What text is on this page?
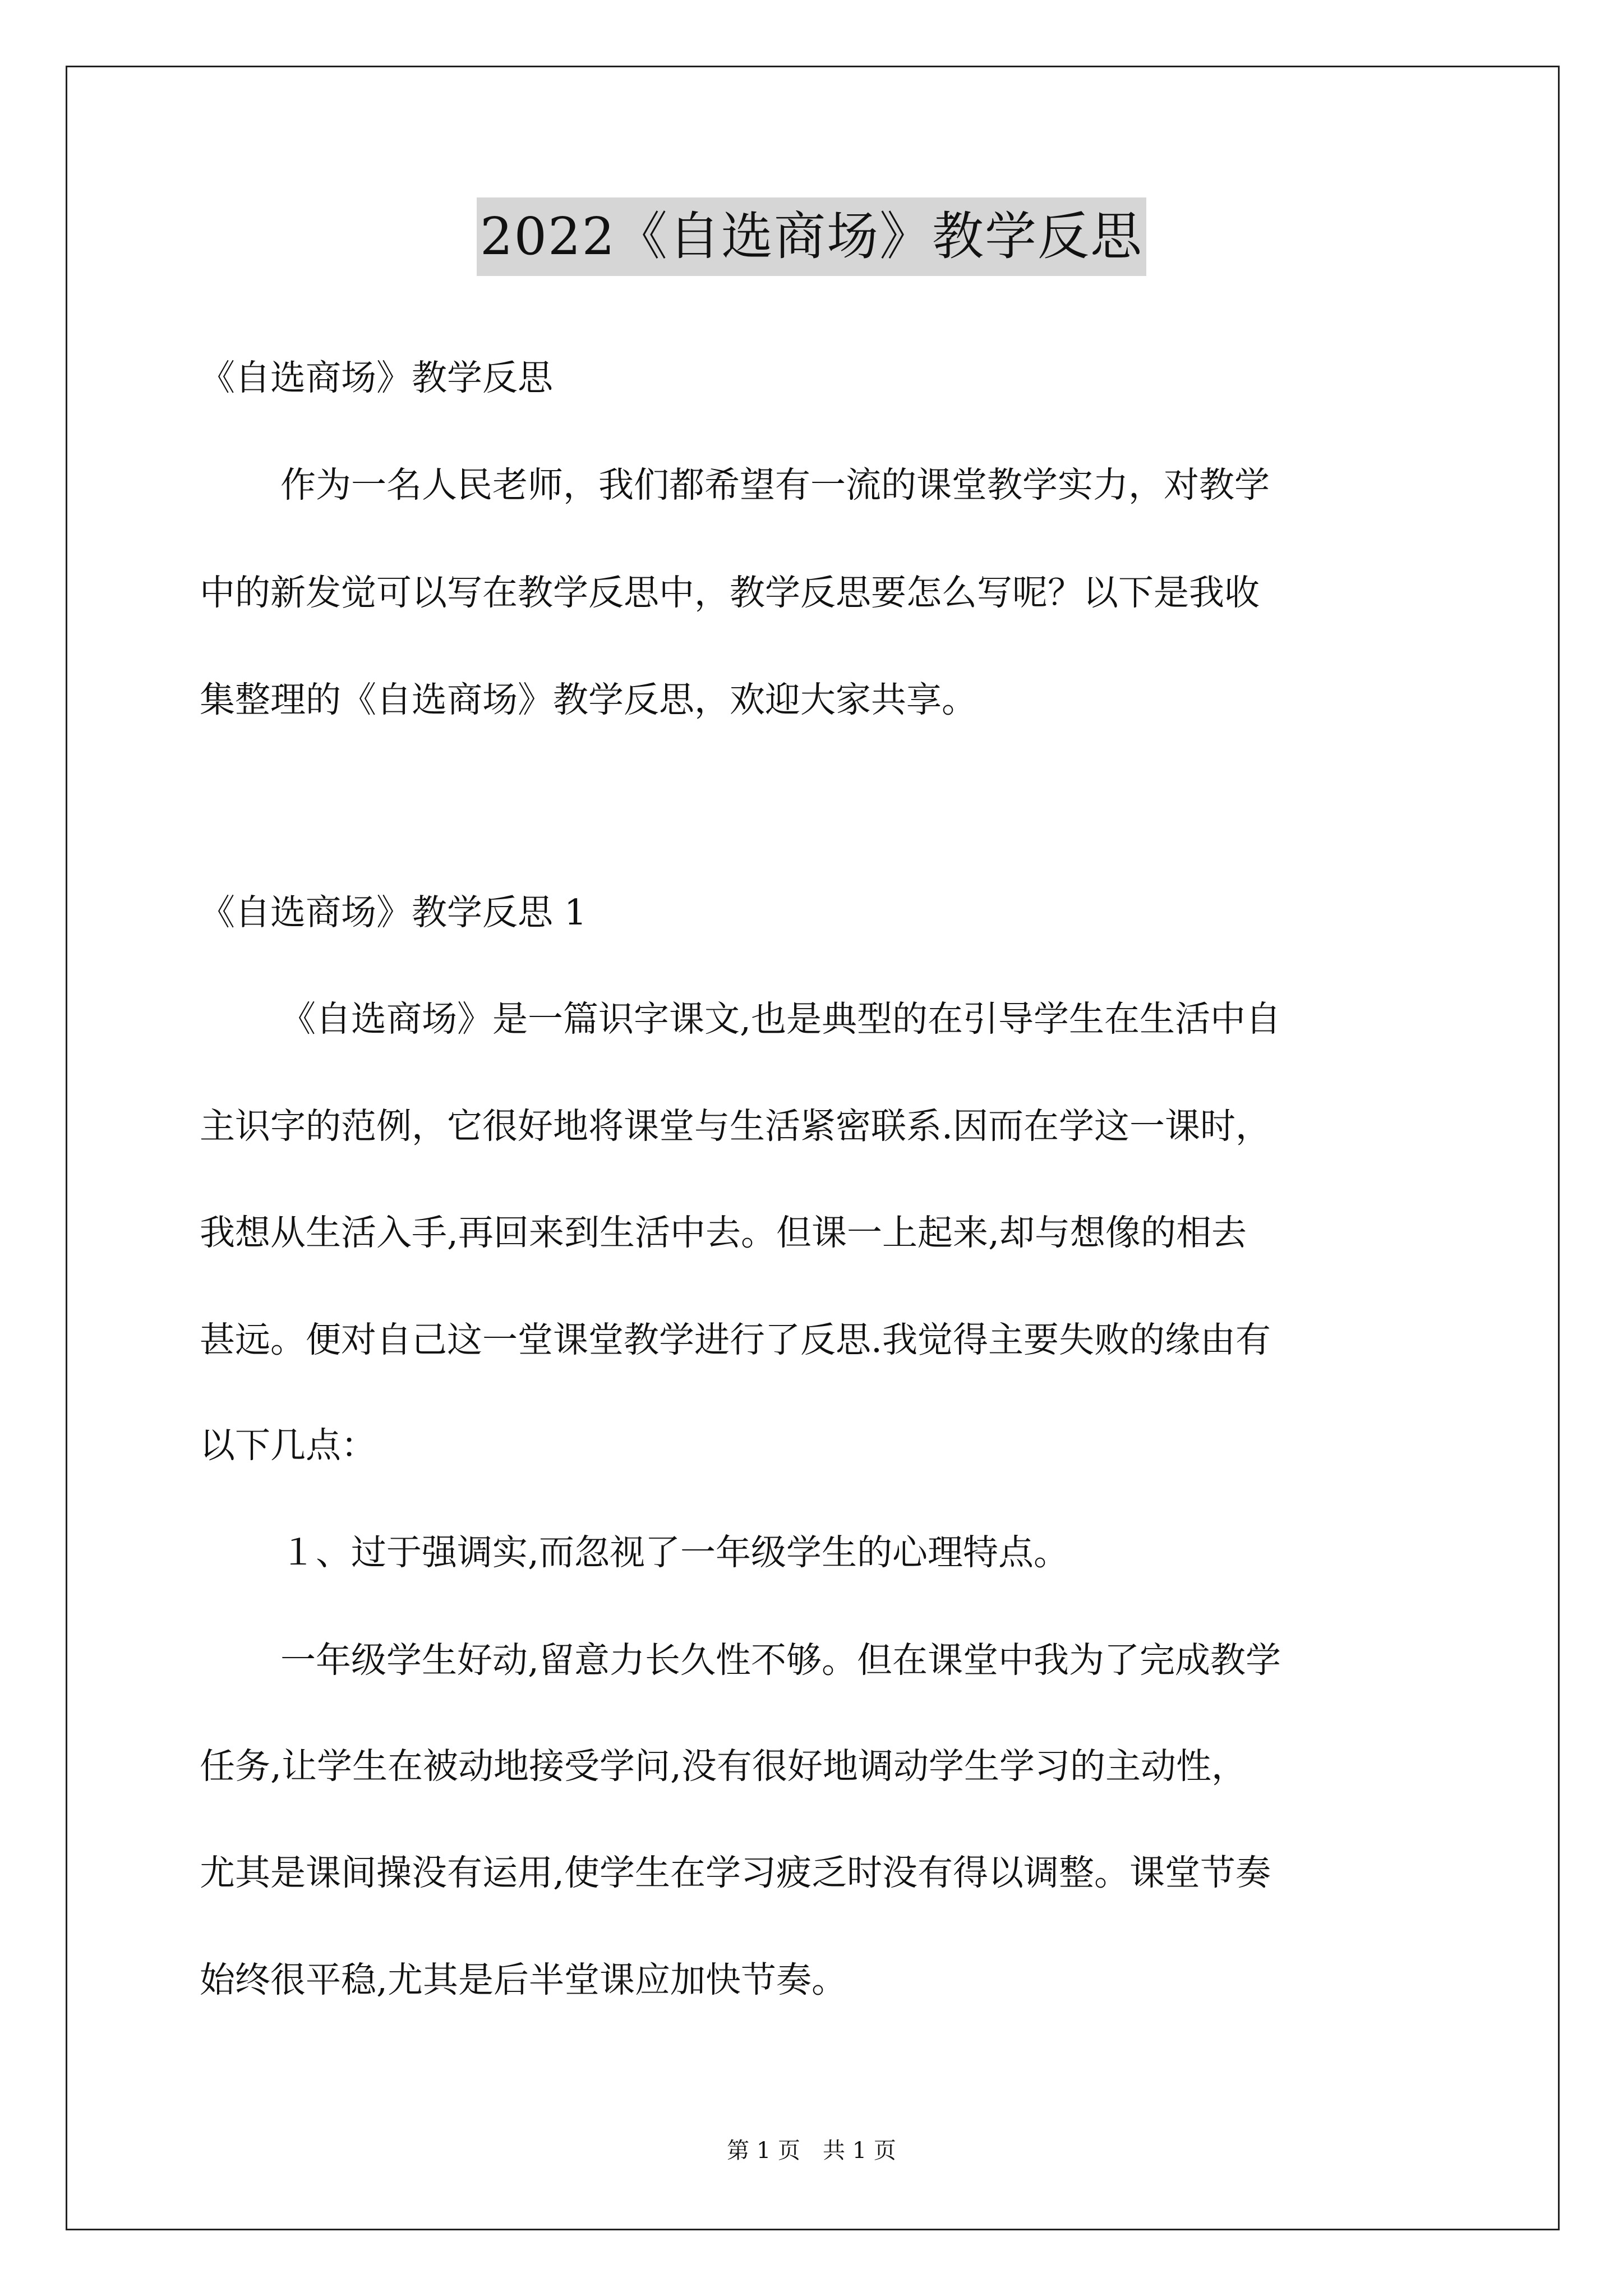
2022《自选商场》教学反思
《自选商场》教学反思
作为一名人民老师，我们都希望有一流的课堂教学实力，对教学
中的新发觉可以写在教学反思中，教学反思要怎么写呢？以下是我收
集整理的《自选商场》教学反思，欢迎大家共享。
《自选商场》教学反思 1
《自选商场》是一篇识字课文,也是典型的在引导学生在生活中自
主识字的范例，它很好地将课堂与生活紧密联系.因而在学这一课时，
我想从生活入手,再回来到生活中去。但课一上起来,却与想像的相去
甚远。便对自己这一堂课堂教学进行了反思.我觉得主要失败的缘由有
以下几点：
１、过于强调实,而忽视了一年级学生的心理特点。
一年级学生好动,留意力长久性不够。但在课堂中我为了完成教学
任务,让学生在被动地接受学问,没有很好地调动学生学习的主动性，
尤其是课间操没有运用,使学生在学习疲乏时没有得以调整。课堂节奏
始终很平稳,尤其是后半堂课应加快节奏。
第 1 页　共 1 页
